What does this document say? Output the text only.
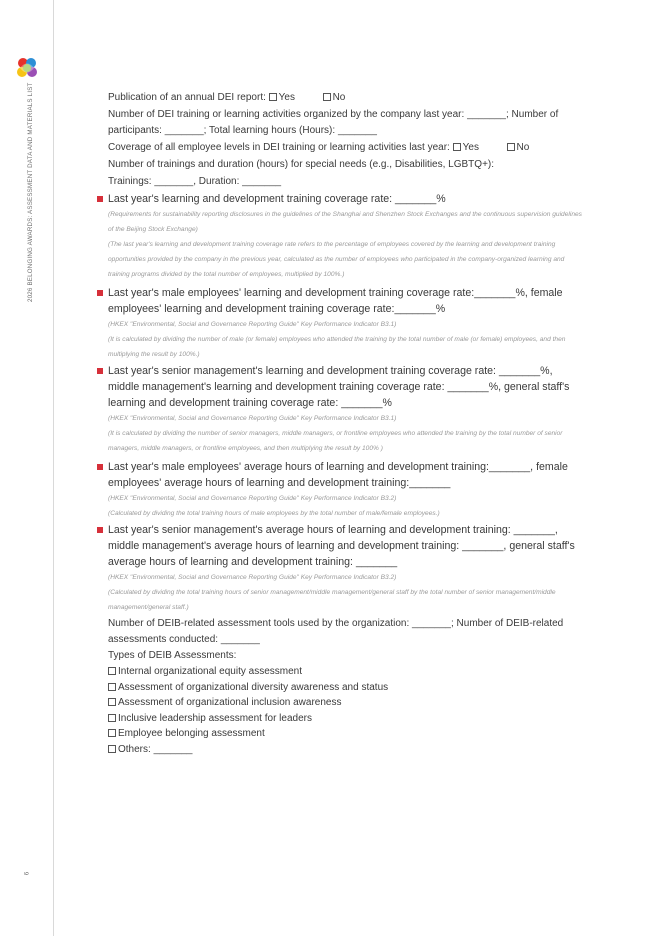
2026 BELONGING AWARDS: ASSESSMENT DATA AND MATERIALS LIST
6
Publication of an annual DEI report: Yes	No
Number of DEI training or learning activities organized by the company last year: _______; Number of participants: _______; Total learning hours (Hours): _______
Coverage of all employee levels in DEI training or learning activities last year: Yes	No
Number of trainings and duration (hours) for special needs (e.g., Disabilities, LGBTQ+):
Trainings: _______, Duration: _______
Last year's learning and development training coverage rate: _______%
(Requirements for sustainability reporting disclosures in the guidelines of the Shanghai and Shenzhen Stock Exchanges and the continuous supervision guidelines of the Beijing Stock Exchange)
(The last year's learning and development training coverage rate refers to the percentage of employees covered by the learning and development training opportunities provided by the company in the previous year, calculated as the number of employees who participated in the company-organized learning and training programs divided by the total number of employees, multiplied by 100%.)
Last year's male employees' learning and development training coverage rate:_______%, female employees' learning and development training coverage rate:_______%
(HKEX "Environmental, Social and Governance Reporting Guide" Key Performance Indicator B3.1)
(It is calculated by dividing the number of male (or female) employees who attended the training by the total number of male (or female) employees, and then multiplying the result by 100%.)
Last year's senior management's learning and development training coverage rate: _______%, middle management's learning and development training coverage rate: _______%, general staff's learning and development training coverage rate: _______%
(HKEX "Environmental, Social and Governance Reporting Guide" Key Performance Indicator B3.1)
(It is calculated by dividing the number of senior managers, middle managers, or frontline employees who attended the training by the total number of senior managers, middle managers, or frontline employees, and then multiplying the result by 100% )
Last year's male employees' average hours of learning and development training:_______, female employees' average hours of learning and development training:_______
(HKEX "Environmental, Social and Governance Reporting Guide" Key Performance Indicator B3.2)
(Calculated by dividing the total training hours of male employees by the total number of male/female employees.)
Last year's senior management's average hours of learning and development training: _______, middle management's average hours of learning and development training: _______, general staff's average hours of learning and development training: _______
(HKEX "Environmental, Social and Governance Reporting Guide" Key Performance Indicator B3.2)
(Calculated by dividing the total training hours of senior management/middle management/general staff by the total number of senior management/middle management/general staff.)
Number of DEIB-related assessment tools used by the organization: _______; Number of DEIB-related assessments conducted: _______
Types of DEIB Assessments:
Internal organizational equity assessment
Assessment of organizational diversity awareness and status
Assessment of organizational inclusion awareness
Inclusive leadership assessment for leaders
Employee belonging assessment
Others: _______
